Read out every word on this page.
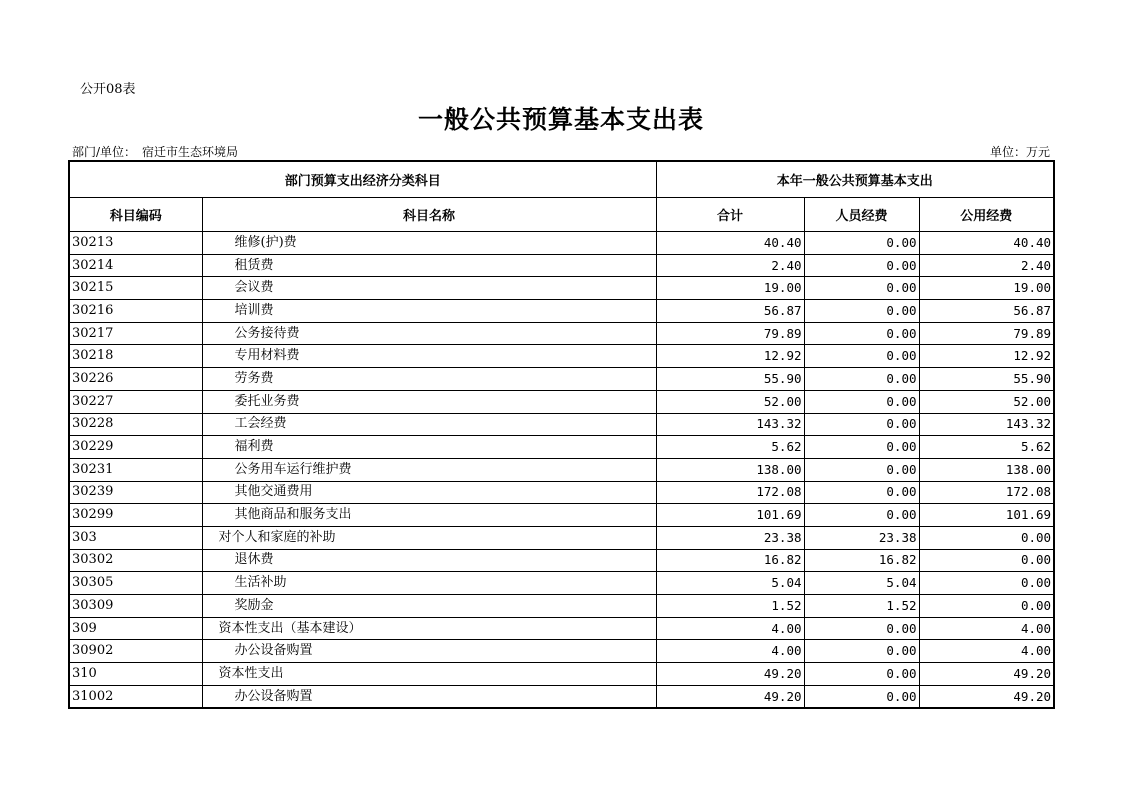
公开08表
一般公共预算基本支出表
部门/单位：　宿迁市生态环境局	单位：万元
部门预算支出经济分类科目		本年一般公共预算基本支出		
科目编码	科目名称	合计	人员经费	公用经费
30213	维修(护)费	40.40	0.00	40.40
30214	租赁费	2.40	0.00	2.40
30215	会议费	19.00	0.00	19.00
30216	培训费	56.87	0.00	56.87
30217	公务接待费	79.89	0.00	79.89
30218	专用材料费	12.92	0.00	12.92
30226	劳务费	55.90	0.00	55.90
30227	委托业务费	52.00	0.00	52.00
30228	工会经费	143.32	0.00	143.32
30229	福利费	5.62	0.00	5.62
30231	公务用车运行维护费	138.00	0.00	138.00
30239	其他交通费用	172.08	0.00	172.08
30299	其他商品和服务支出	101.69	0.00	101.69
303	对个人和家庭的补助	23.38	23.38	0.00
30302	退休费	16.82	16.82	0.00
30305	生活补助	5.04	5.04	0.00
30309	奖励金	1.52	1.52	0.00
309	资本性支出（基本建设）	4.00	0.00	4.00
30902	办公设备购置	4.00	0.00	4.00
310	资本性支出	49.20	0.00	49.20
31002	办公设备购置	49.20	0.00	49.20
